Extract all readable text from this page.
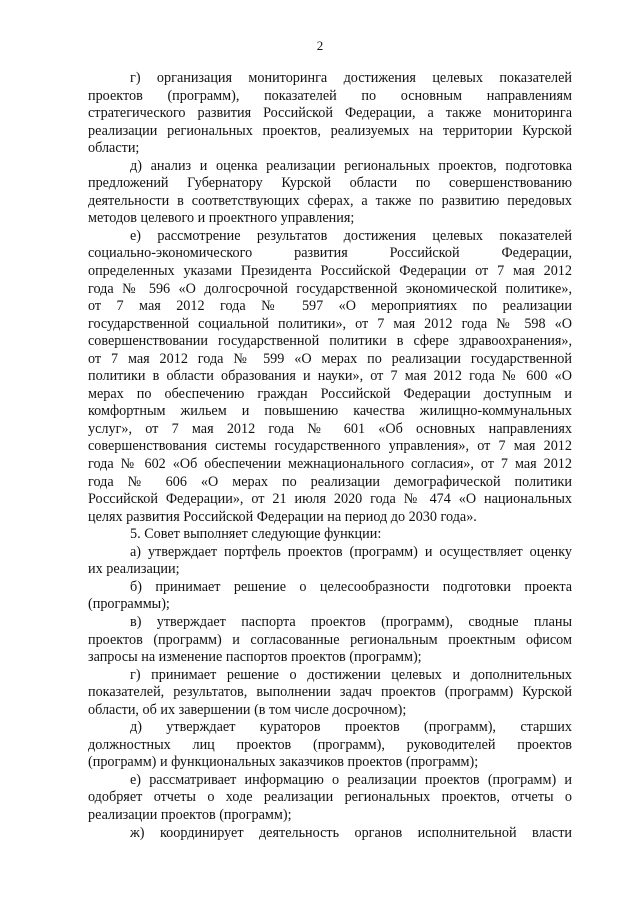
2
г) организация мониторинга достижения целевых показателей
проектов (программ), показателей по основным направлениям
стратегического развития Российской Федерации, а также мониторинга
реализации региональных проектов, реализуемых на территории Курской
области;
д) анализ и оценка реализации региональных проектов, подготовка
предложений Губернатору Курской области по совершенствованию
деятельности в соответствующих сферах, а также по развитию передовых
методов целевого и проектного управления;
е) рассмотрение результатов достижения целевых показателей
социально-экономического развития Российской Федерации,
определенных указами Президента Российской Федерации от 7 мая 2012
года № 596 «О долгосрочной государственной экономической политике»,
от 7 мая 2012 года № 597 «О мероприятиях по реализации
государственной социальной политики», от 7 мая 2012 года № 598 «О
совершенствовании государственной политики в сфере здравоохранения»,
от 7 мая 2012 года № 599 «О мерах по реализации государственной
политики в области образования и науки», от 7 мая 2012 года № 600 «О
мерах по обеспечению граждан Российской Федерации доступным и
комфортным жильем и повышению качества жилищно-коммунальных
услуг», от 7 мая 2012 года № 601 «Об основных направлениях
совершенствования системы государственного управления», от 7 мая 2012
года № 602 «Об обеспечении межнационального согласия», от 7 мая 2012
года № 606 «О мерах по реализации демографической политики
Российской Федерации», от 21 июля 2020 года № 474 «О национальных
целях развития Российской Федерации на период до 2030 года».
5. Совет выполняет следующие функции:
а) утверждает портфель проектов (программ) и осуществляет оценку
их реализации;
б) принимает решение о целесообразности подготовки проекта
(программы);
в) утверждает паспорта проектов (программ), сводные планы
проектов (программ) и согласованные региональным проектным офисом
запросы на изменение паспортов проектов (программ);
г) принимает решение о достижении целевых и дополнительных
показателей, результатов, выполнении задач проектов (программ) Курской
области, об их завершении (в том числе досрочном);
д) утверждает кураторов проектов (программ), старших
должностных лиц проектов (программ), руководителей проектов
(программ) и функциональных заказчиков проектов (программ);
е) рассматривает информацию о реализации проектов (программ) и
одобряет отчеты о ходе реализации региональных проектов, отчеты о
реализации проектов (программ);
ж) координирует деятельность органов исполнительной власти
